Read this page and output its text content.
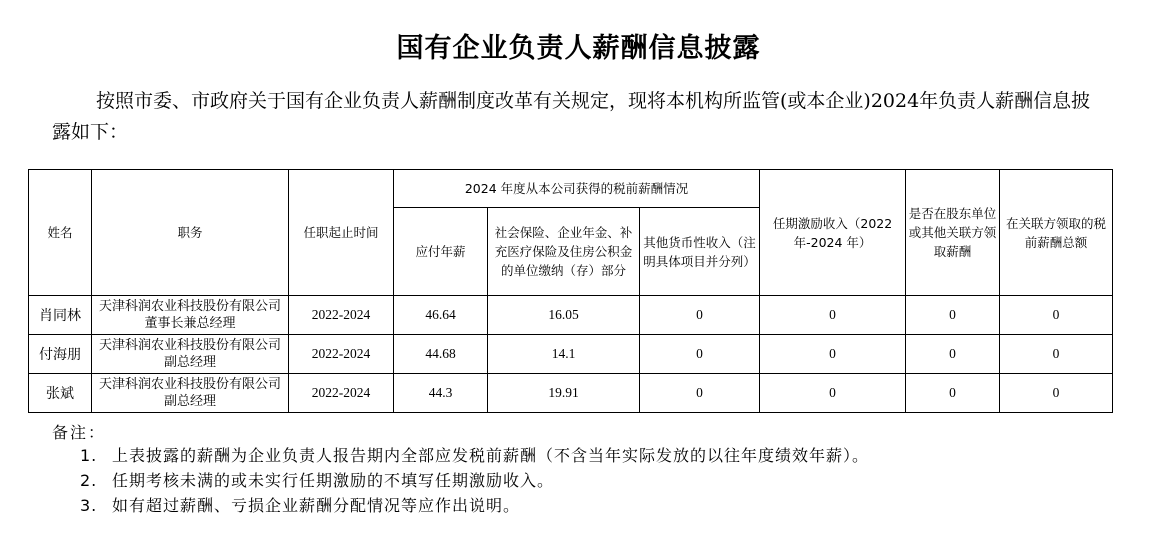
国有企业负责人薪酬信息披露
按照市委、市政府关于国有企业负责人薪酬制度改革有关规定，现将本机构所监管(或本企业)2024年负责人薪酬信息披露如下：
姓名	职务	任职起止时间	2024 年度从本公司获得的税前薪酬情况			任期激励收入（2022 年-2024 年）	是否在股东单位或其他关联方领取薪酬	在关联方领取的税前薪酬总额
			应付年薪	社会保险、企业年金、补充医疗保险及住房公积金的单位缴纳（存）部分	其他货币性收入（注明具体项目并分列）			
肖同林	天津科润农业科技股份有限公司董事长兼总经理	2022-2024	46.64	16.05	0	0	0	0
付海朋	天津科润农业科技股份有限公司副总经理	2022-2024	44.68	14.1	0	0	0	0
张斌	天津科润农业科技股份有限公司副总经理	2022-2024	44.3	19.91	0	0	0	0
备注：
1. 上表披露的薪酬为企业负责人报告期内全部应发税前薪酬（不含当年实际发放的以往年度绩效年薪）。
2. 任期考核未满的或未实行任期激励的不填写任期激励收入。
3. 如有超过薪酬、亏损企业薪酬分配情况等应作出说明。
